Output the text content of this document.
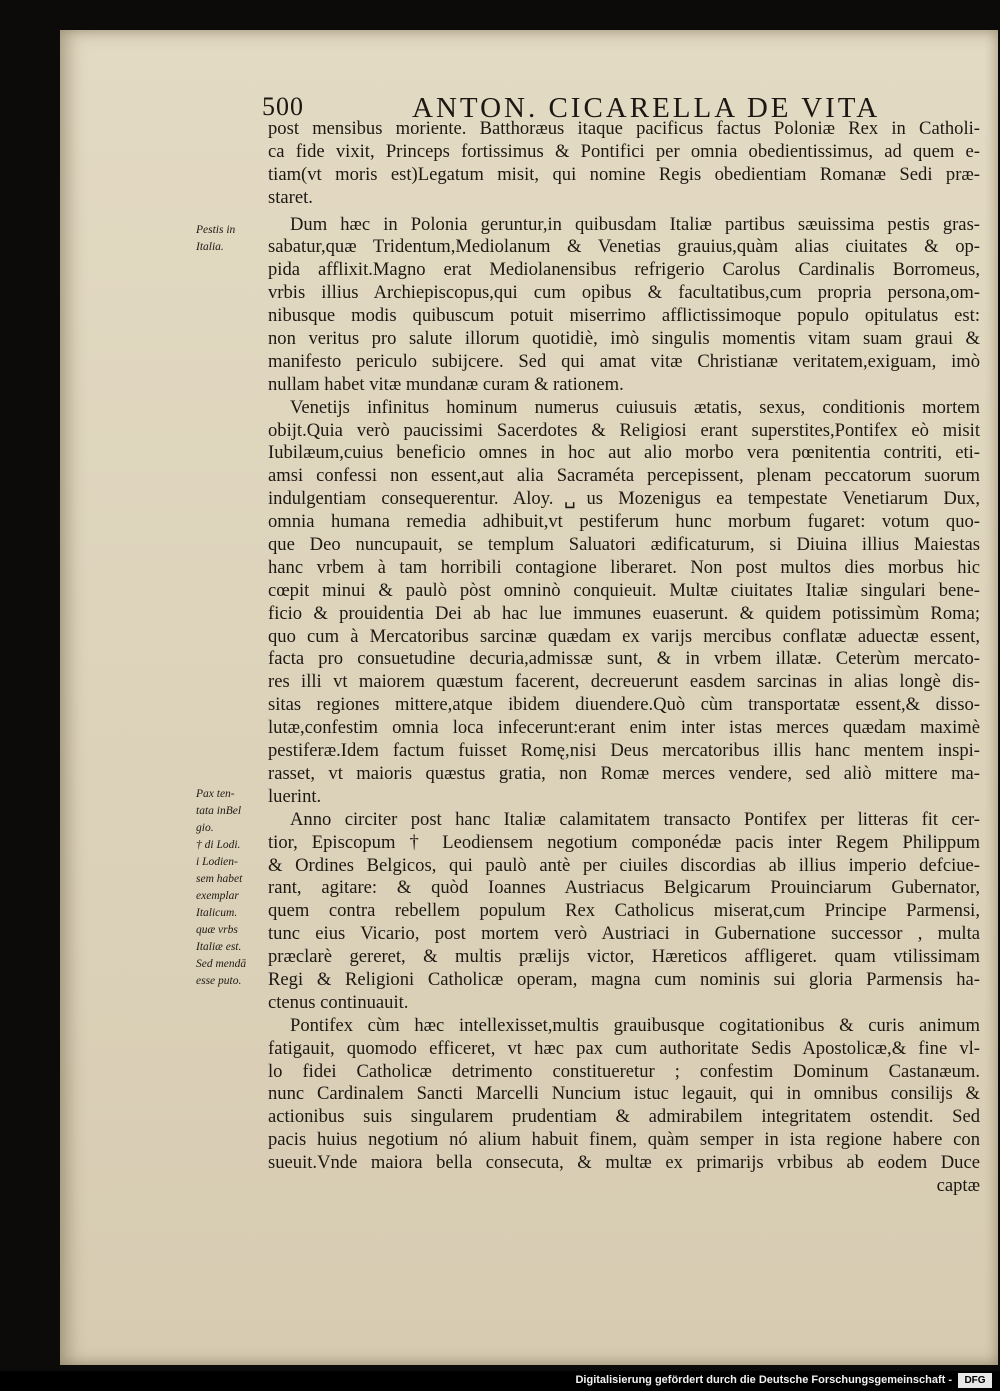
500	ANTON. CICARELLA DE VITA
Pestis in
Italia.
Pax ten-
tata inBel
gio.
† di Lodi.
i Lodien-
sem habet
exemplar
Italicum.
quæ vrbs
Italiæ est.
Sed mendā
esse puto.
post mensibus moriente. Batthoræus itaque pacificus factus Poloniæ Rex in Catholi-
ca fide vixit, Princeps fortissimus & Pontifici per omnia obedientissimus, ad quem e-
tiam(vt moris est)Legatum misit, qui nomine Regis obedientiam Romanæ Sedi præ-
staret.
Dum hæc in Polonia geruntur,in quibusdam Italiæ partibus sæuissima pestis gras-
sabatur,quæ Tridentum,Mediolanum & Venetias grauius,quàm alias ciuitates & op-
pida afflixit.Magno erat Mediolanensibus refrigerio Carolus Cardinalis Borromeus,
vrbis illius Archiepiscopus,qui cum opibus & facultatibus,cum propria persona,om-
nibusque modis quibuscum potuit miserrimo afflictissimoque populo opitulatus est:
non veritus pro salute illorum quotidiè, imò singulis momentis vitam suam graui &
manifesto periculo subijcere. Sed qui amat vitæ Christianæ veritatem,exiguam, imò
nullam habet vitæ mundanæ curam & rationem.
Venetijs infinitus hominum numerus cuiusuis ætatis, sexus, conditionis mortem
obijt.Quia verò paucissimi Sacerdotes & Religiosi erant superstites,Pontifex eò misit
Iubilæum,cuius beneficio omnes in hoc aut alio morbo vera pœnitentia contriti, eti-
amsi confessi non essent,aut alia Sacraméta percepissent, plenam peccatorum suorum
indulgentiam consequerentur. Aloy.␣us Mozenigus ea tempestate Venetiarum Dux,
omnia humana remedia adhibuit,vt pestiferum hunc morbum fugaret: votum quo-
que Deo nuncupauit, se templum Saluatori ædificaturum, si Diuina illius Maiestas
hanc vrbem à tam horribili contagione liberaret. Non post multos dies morbus hic
cœpit minui & paulò pòst omninò conquieuit. Multæ ciuitates Italiæ singulari bene-
ficio & prouidentia Dei ab hac lue immunes euaserunt. & quidem potissimùm Roma;
quo cum à Mercatoribus sarcinæ quædam ex varijs mercibus conflatæ aduectæ essent,
facta pro consuetudine decuria,admissæ sunt, & in vrbem illatæ. Ceterùm mercato-
res illi vt maiorem quæstum facerent, decreuerunt easdem sarcinas in alias longè dis-
sitas regiones mittere,atque ibidem diuendere.Quò cùm transportatæ essent,& disso-
lutæ,confestim omnia loca infecerunt:erant enim inter istas merces quædam maximè
pestiferæ.Idem factum fuisset Romę,nisi Deus mercatoribus illis hanc mentem inspi-
rasset, vt maioris quæstus gratia, non Romæ merces vendere, sed aliò mittere ma-
luerint.
Anno circiter post hanc Italiæ calamitatem transacto Pontifex per litteras fit cer-
tior, Episcopum † Leodiensem negotium componédæ pacis inter Regem Philippum
& Ordines Belgicos, qui paulò antè per ciuiles discordias ab illius imperio defciue-
rant, agitare: & quòd Ioannes Austriacus Belgicarum Prouinciarum Gubernator,
quem contra rebellem populum Rex Catholicus miserat,cum Principe Parmensi,
tunc eius Vicario, post mortem verò Austriaci in Gubernatione successor , multa
præclarè gereret, & multis prælijs victor, Hæreticos affligeret. quam vtilissimam
Regi & Religioni Catholicæ operam, magna cum nominis sui gloria Parmensis ha-
ctenus continuauit.
Pontifex cùm hæc intellexisset,multis grauibusque cogitationibus & curis animum
fatigauit, quomodo efficeret, vt hæc pax cum authoritate Sedis Apostolicæ,& fine vl-
lo fidei Catholicæ detrimento constitueretur ; confestim Dominum Castanæum.
nunc Cardinalem Sancti Marcelli Nuncium istuc legauit, qui in omnibus consilijs &
actionibus suis singularem prudentiam & admirabilem integritatem ostendit. Sed
pacis huius negotium nó alium habuit finem, quàm semper in ista regione habere con
sueuit.Vnde maiora bella consecuta, & multæ ex primarijs vrbibus ab eodem Duce
captæ
Digitalisierung gefördert durch die Deutsche Forschungsgemeinschaft -	DFG
